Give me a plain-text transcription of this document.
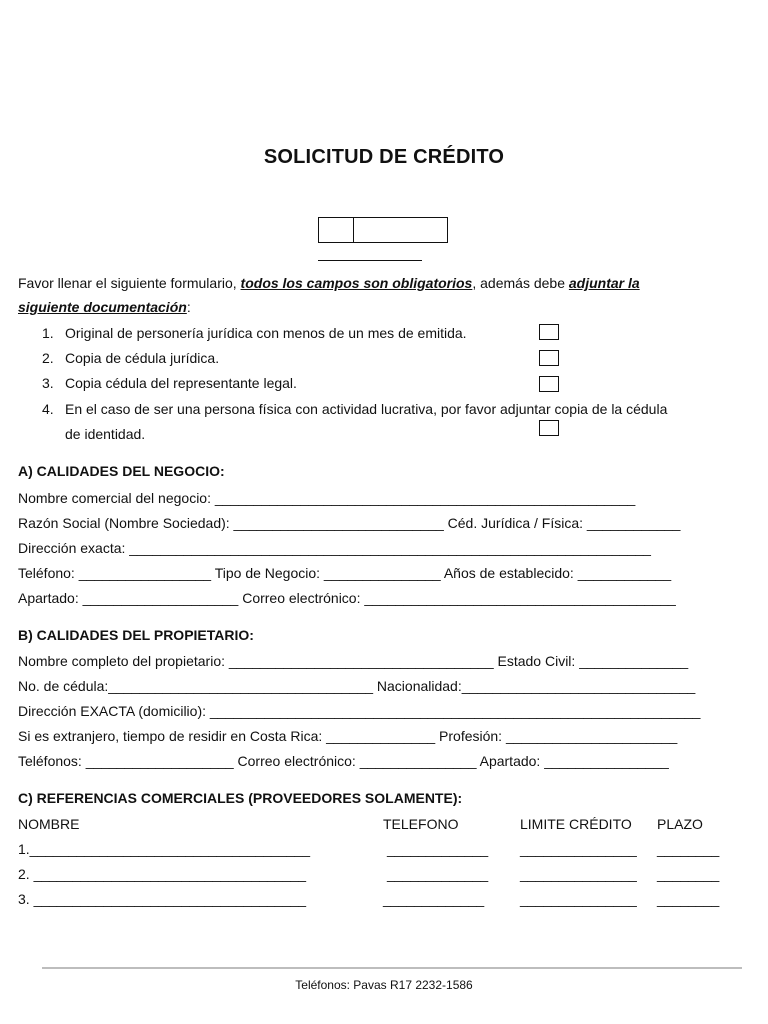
SOLICITUD DE CRÉDITO
Favor llenar el siguiente formulario, todos los campos son obligatorios, además debe adjuntar la
siguiente documentación:
1. Original de personería jurídica con menos de un mes de emitida.
2. Copia de cédula jurídica.
3. Copia cédula del representante legal.
4. En el caso de ser una persona física con actividad lucrativa, por favor adjuntar copia de la cédula
de identidad.
A) CALIDADES DEL NEGOCIO:
Nombre comercial del negocio: ______________________________________________________
Razón Social (Nombre Sociedad): ___________________________ Céd. Jurídica / Física: ____________
Dirección exacta: ___________________________________________________________________
Teléfono: _________________ Tipo de Negocio: _______________ Años de establecido: ____________
Apartado: ____________________ Correo electrónico: ________________________________________
B) CALIDADES DEL PROPIETARIO:
Nombre completo del propietario: __________________________________ Estado Civil: ______________
No. de cédula:__________________________________ Nacionalidad:______________________________
Dirección EXACTA (domicilio): _______________________________________________________________
Si es extranjero, tiempo de residir en Costa Rica: ______________ Profesión: ______________________
Teléfonos: ___________________ Correo electrónico: _______________ Apartado: ________________
C) REFERENCIAS COMERCIALES (PROVEEDORES SOLAMENTE):
NOMBRE	TELEFONO	LIMITE CRÉDITO PLAZO
1.____________________________________	_____________ _______________ ________
2. ___________________________________	_____________ _______________ ________
3. ___________________________________	_____________	_______________ ________
Teléfonos: Pavas R17 2232-1586
